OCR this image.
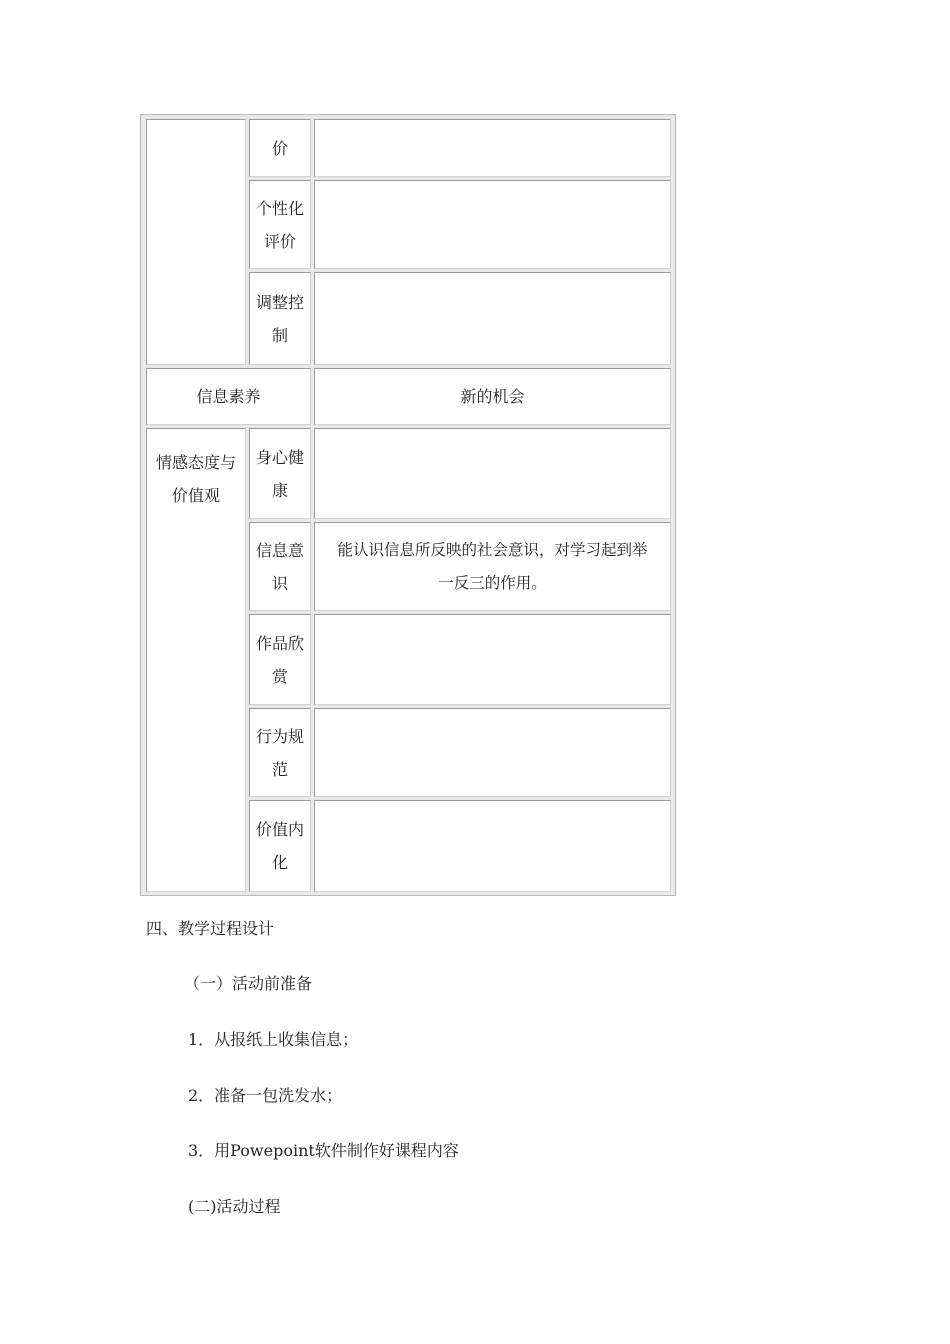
价
个性化
评价
调整控
制
信息素养	新的机会
情感态度与
价值观
身心健
康
信息意
识
能认识信息所反映的社会意识，对学习起到举
一反三的作用。
作品欣
赏
行为规
范
价值内
化
四、教学过程设计
（一）活动前准备
1．从报纸上收集信息；
2．准备一包洗发水；
3．用Powepoint软件制作好课程内容
(二)活动过程
